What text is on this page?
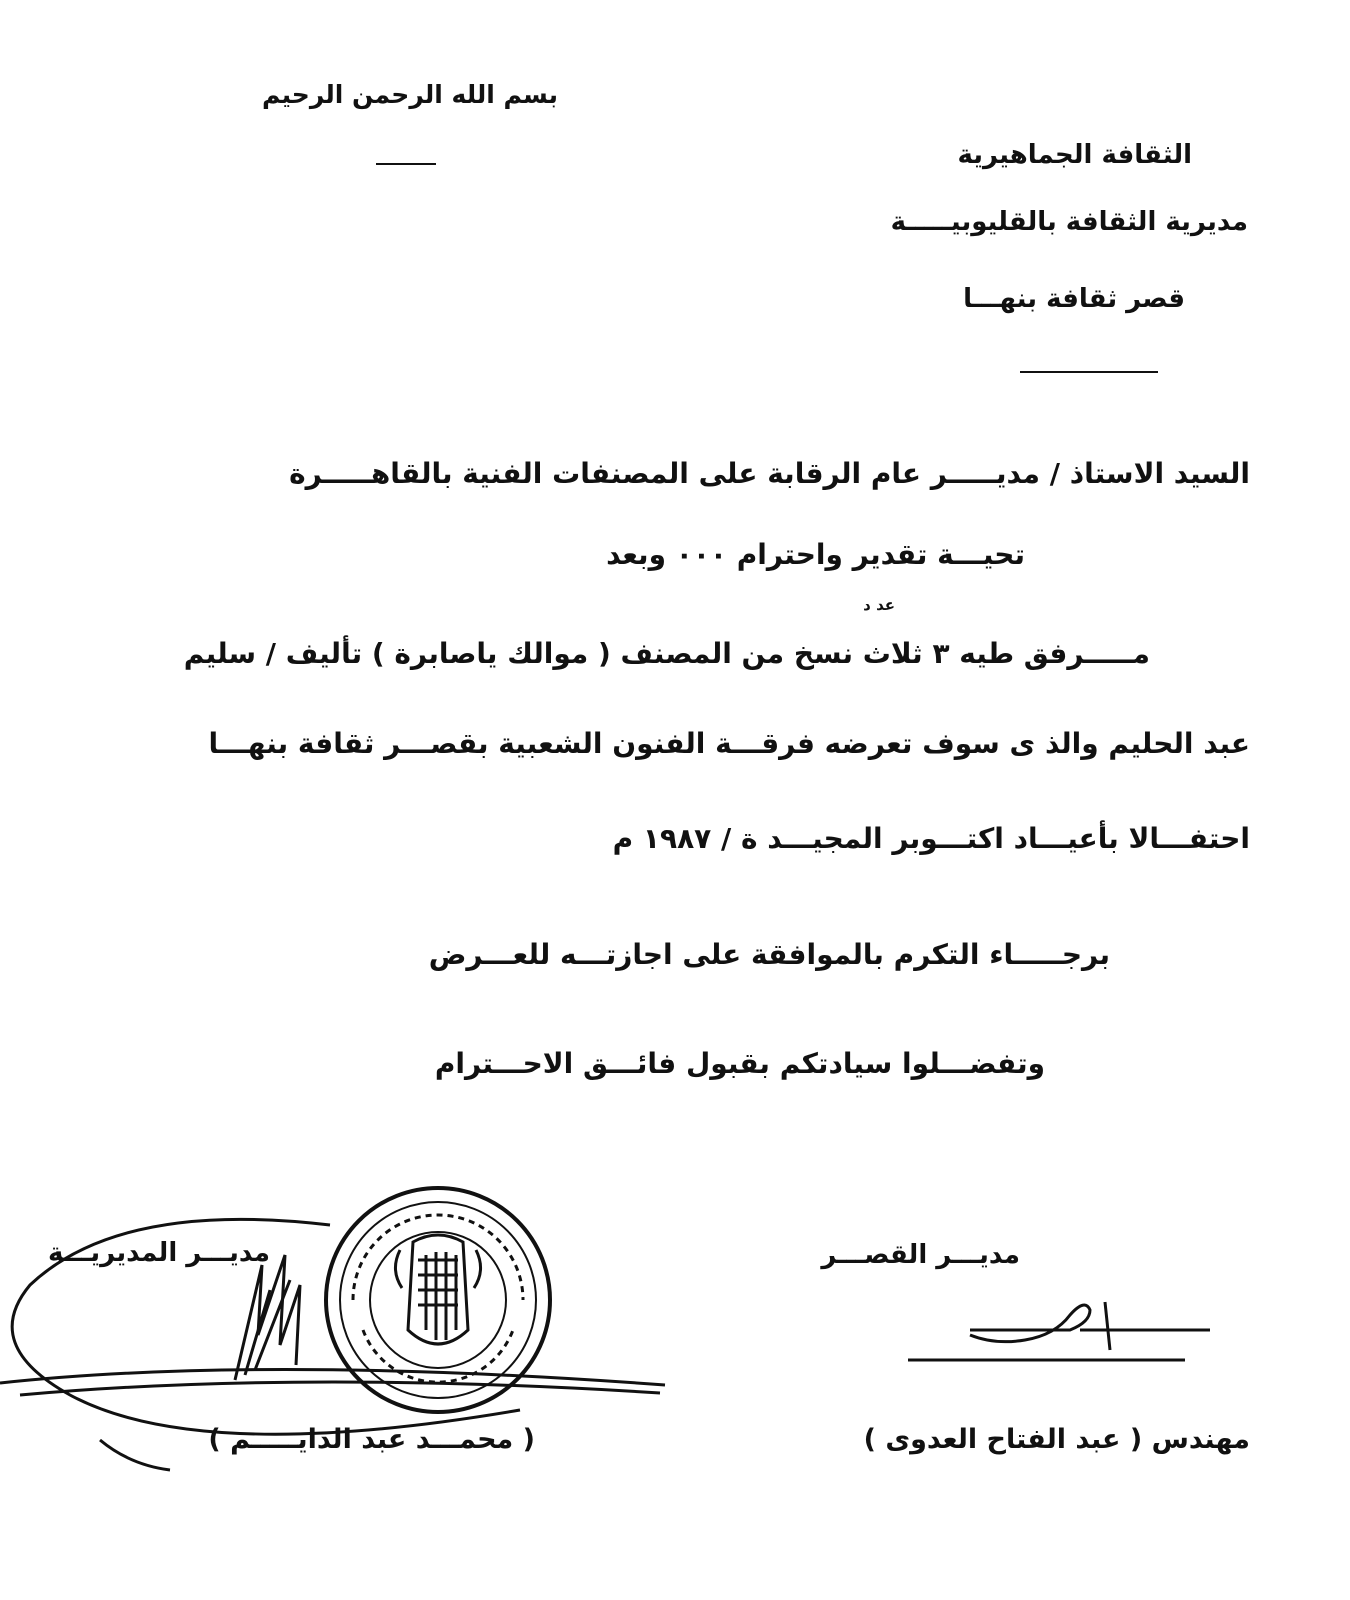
بسم الله الرحمن الرحيم
الثقافة الجماهيرية
مديرية الثقافة بالقليوبيـــــة
قصر ثقافة بنهـــا
السيد الاستاذ / مديـــــر عام الرقابة على المصنفات الفنية بالقاهـــــرة
تحيـــة تقدير واحترام ٠٠٠ وبعد
عد د
مـــــرفق طيه ٣ ثلاث نسخ من المصنف ( موالك ياصابرة ) تأليف / سليم
عبد الحليم والذ ى سوف تعرضه فرقـــة الفنون الشعبية بقصـــر ثقافة بنهـــا
احتفـــالا بأعيـــاد اكتـــوبر المجيـــد ة / ١٩٨٧ م
برجـــــاء التكرم بالموافقة على اجازتـــه للعـــرض
وتفضـــلوا سيادتكم بقبول فائـــق الاحـــترام
مديـــر المديريـــة
( محمـــد عبد الدايـــــم )
مديـــر القصـــر
مهندس ( عبد الفتاح العدوى )
